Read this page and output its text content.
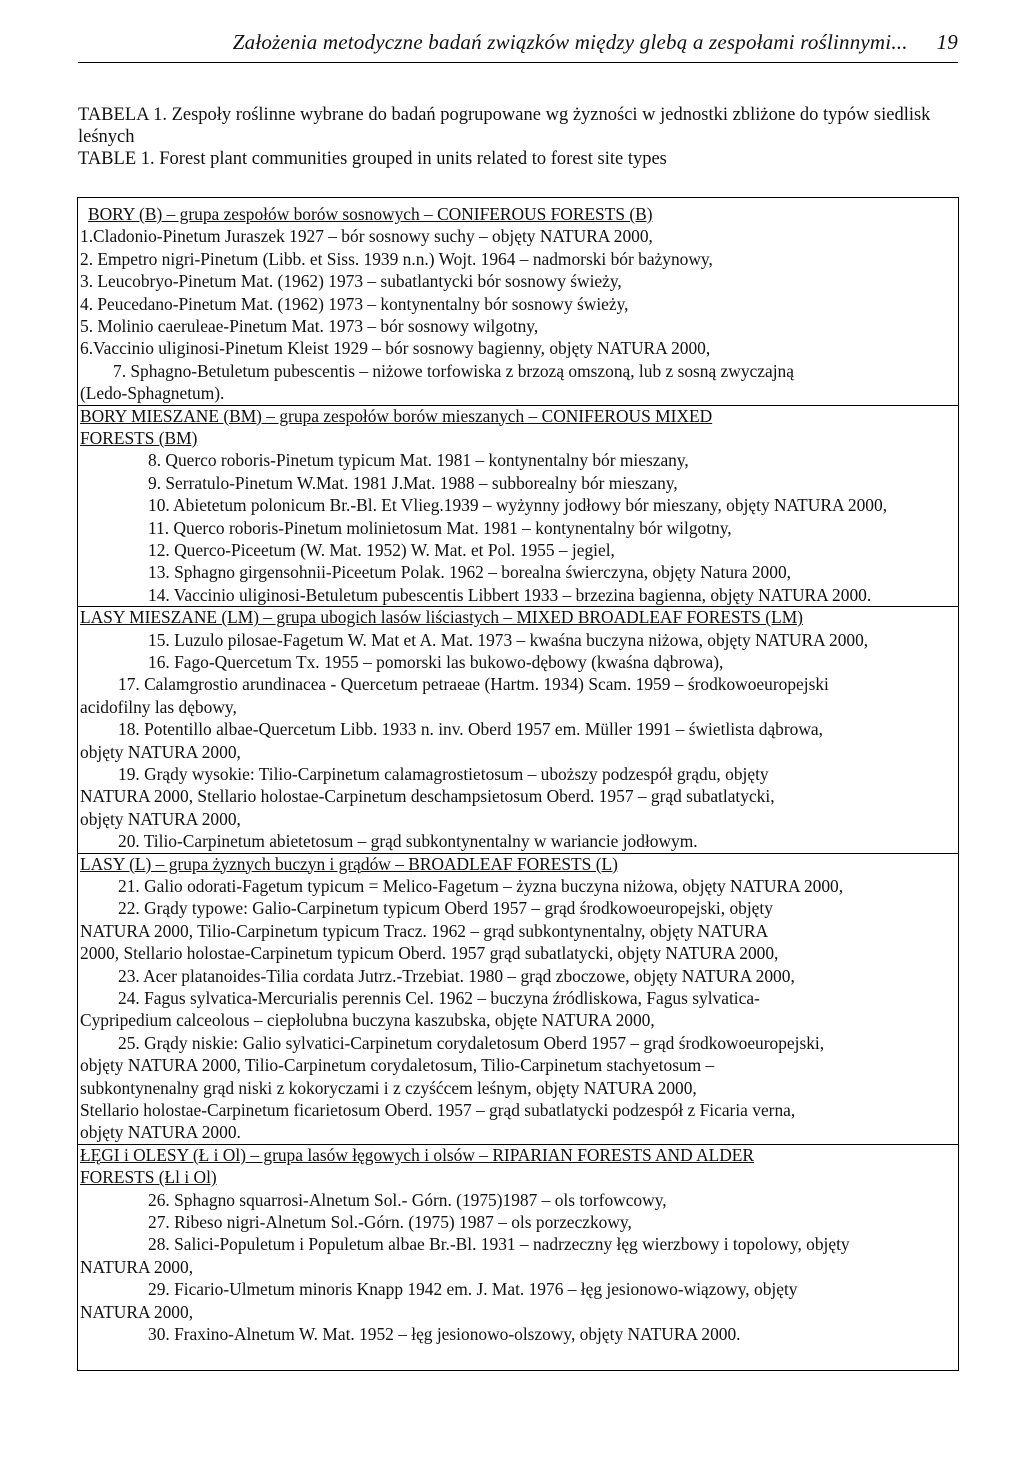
Założenia metodyczne badań związków między glebą a zespołami roślinnymi... 19
TABELA 1. Zespoły roślinne wybrane do badań pogrupowane wg żyzności w jednostki zbliżone do typów siedlisk leśnych
TABLE 1. Forest plant communities grouped in units related to forest site types
BORY (B) – grupa zespołów borów sosnowych – CONIFEROUS FORESTS (B)
1.Cladonio-Pinetum Juraszek 1927 – bór sosnowy suchy – objęty NATURA 2000,
2. Empetro nigri-Pinetum (Libb. et Siss. 1939 n.n.) Wojt. 1964 – nadmorski bór bażynowy,
3. Leucobryo-Pinetum Mat. (1962) 1973 – subatlantycki bór sosnowy świeży,
4. Peucedano-Pinetum Mat. (1962) 1973 – kontynentalny bór sosnowy świeży,
5. Molinio caeruleae-Pinetum Mat. 1973 – bór sosnowy wilgotny,
6.Vaccinio uliginosi-Pinetum Kleist 1929 – bór sosnowy bagienny, objęty NATURA 2000,
7. Sphagno-Betuletum pubescentis – niżowe torfowiska z brzozą omszoną, lub z sosną zwyczajną
(Ledo-Sphagnetum).
BORY MIESZANE (BM) – grupa zespołów borów mieszanych – CONIFEROUS MIXED
FORESTS (BM)
8. Querco roboris-Pinetum typicum Mat. 1981 – kontynentalny bór mieszany,
9. Serratulo-Pinetum W.Mat. 1981 J.Mat. 1988 – subborealny bór mieszany,
10. Abietetum polonicum Br.-Bl. Et Vlieg.1939 – wyżynny jodłowy bór mieszany, objęty NATURA 2000,
11. Querco roboris-Pinetum molinietosum Mat. 1981 – kontynentalny bór wilgotny,
12. Querco-Piceetum (W. Mat. 1952) W. Mat. et Pol. 1955 – jegiel,
13. Sphagno girgensohnii-Piceetum Polak. 1962 – borealna świerczyna, objęty Natura 2000,
14. Vaccinio uliginosi-Betuletum pubescentis Libbert 1933 – brzezina bagienna, objęty NATURA 2000.
LASY MIESZANE (LM) – grupa ubogich lasów liściastych – MIXED BROADLEAF FORESTS (LM)
15. Luzulo pilosae-Fagetum W. Mat et A. Mat. 1973 – kwaśna buczyna niżowa, objęty NATURA 2000,
16. Fago-Quercetum Tx. 1955 – pomorski las bukowo-dębowy (kwaśna dąbrowa),
17. Calamgrostio arundinacea - Quercetum petraeae (Hartm. 1934) Scam. 1959 – środkowoeuropejski
acidofilny las dębowy,
18. Potentillo albae-Quercetum Libb. 1933 n. inv. Oberd 1957 em. Müller 1991 – świetlista dąbrowa,
objęty NATURA 2000,
19. Grądy wysokie: Tilio-Carpinetum calamagrostietosum – uboższy podzespół grądu, objęty
NATURA 2000, Stellario holostae-Carpinetum deschampsietosum Oberd. 1957 – grąd subatlatycki,
objęty NATURA 2000,
20. Tilio-Carpinetum abietetosum – grąd subkontynentalny w wariancie jodłowym.
LASY (L) – grupa żyznych buczyn i grądów – BROADLEAF FORESTS (L)
21. Galio odorati-Fagetum typicum = Melico-Fagetum – żyzna buczyna niżowa, objęty NATURA 2000,
22. Grądy typowe: Galio-Carpinetum typicum Oberd 1957 – grąd środkowoeuropejski, objęty
NATURA 2000, Tilio-Carpinetum typicum Tracz. 1962 – grąd subkontynentalny, objęty NATURA
2000, Stellario holostae-Carpinetum typicum Oberd. 1957 grąd subatlatycki, objęty NATURA 2000,
23. Acer platanoides-Tilia cordata Jutrz.-Trzebiat. 1980 – grąd zboczowe, objęty NATURA 2000,
24. Fagus sylvatica-Mercurialis perennis Cel. 1962 – buczyna źródliskowa, Fagus sylvatica-
Cypripedium calceolous – ciepłolubna buczyna kaszubska, objęte NATURA 2000,
25. Grądy niskie: Galio sylvatici-Carpinetum corydaletosum Oberd 1957 – grąd środkowoeuropejski,
objęty NATURA 2000, Tilio-Carpinetum corydaletosum, Tilio-Carpinetum stachyetosum –
subkontynenalny grąd niski z kokoryczami i z czyśćcem leśnym, objęty NATURA 2000,
Stellario holostae-Carpinetum ficarietosum Oberd. 1957 – grąd subatlatycki podzespół z Ficaria verna,
objęty NATURA 2000.
ŁĘGI i OLESY (Ł i Ol) – grupa lasów łęgowych i olsów – RIPARIAN FORESTS AND ALDER
FORESTS (Łl i Ol)
26. Sphagno squarrosi-Alnetum Sol.- Górn. (1975)1987 – ols torfowcowy,
27. Ribeso nigri-Alnetum Sol.-Górn. (1975) 1987 – ols porzeczkowy,
28. Salici-Populetum i Populetum albae Br.-Bl. 1931 – nadrzeczny łęg wierzbowy i topolowy, objęty
NATURA 2000,
29. Ficario-Ulmetum minoris Knapp 1942 em. J. Mat. 1976 – łęg jesionowo-wiązowy, objęty
NATURA 2000,
30. Fraxino-Alnetum W. Mat. 1952 – łęg jesionowo-olszowy, objęty NATURA 2000.
